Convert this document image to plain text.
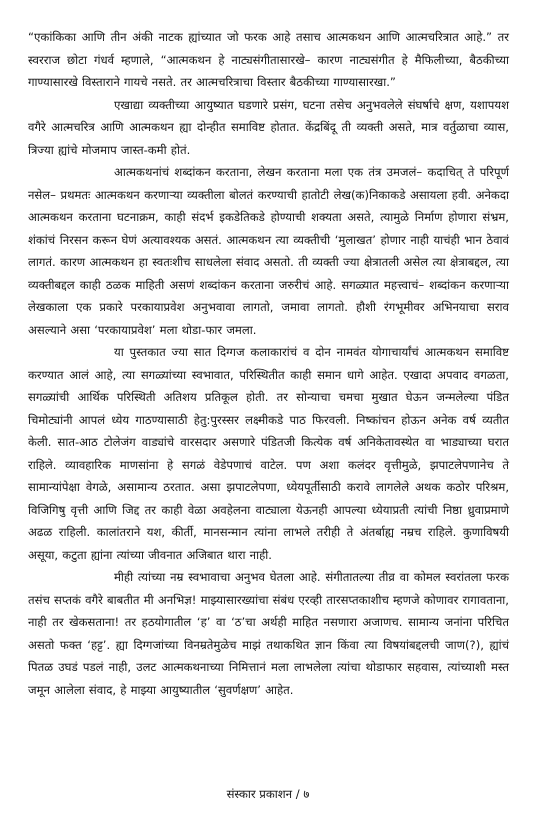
“एकांकिका आणि तीन अंकी नाटक ह्यांच्यात जो फरक आहे तसाच आत्मकथन आणि आत्मचरित्रात आहे.” तर स्वरराज छोटा गंधर्व म्हणाले, “आत्मकथन हे नाट्यसंगीतासारखे– कारण नाट्यसंगीत हे मैफिलीच्या, बैठकीच्या गाण्यासारखे विस्ताराने गायचे नसते. तर आत्मचरित्राचा विस्तार बैठकीच्या गाण्यासारखा.”

एखाद्या व्यक्तीच्या आयुष्यात घडणारे प्रसंग, घटना तसेच अनुभवलेले संघर्षाचे क्षण, यशापयश वगैरे आत्मचरित्र आणि आत्मकथन ह्या दोन्हीत समाविष्ट होतात. केंद्रबिंदू ती व्यक्ती असते, मात्र वर्तुळाचा व्यास, त्रिज्या ह्यांचे मोजमाप जास्त-कमी होतं.

आत्मकथनांचं शब्दांकन करताना, लेखन करताना मला एक तंत्र उमजलं– कदाचित् ते परिपूर्ण नसेल– प्रथमतः आत्मकथन करणाऱ्या व्यक्तीला बोलतं करण्याची हातोटी लेख(क)निकाकडे असायला हवी. अनेकदा आत्मकथन करताना घटनाक्रम, काही संदर्भ इकडेतिकडे होण्याची शक्यता असते, त्यामुळे निर्माण होणारा संभ्रम, शंकांचं निरसन करून घेणं अत्यावश्यक असतं. आत्मकथन त्या व्यक्तीची ‘मुलाखत’ होणार नाही याचंही भान ठेवावं लागतं. कारण आत्मकथन हा स्वतःशीच साधलेला संवाद असतो. ती व्यक्ती ज्या क्षेत्रातली असेल त्या क्षेत्राबद्दल, त्या व्यक्तीबद्दल काही ठळक माहिती असणं शब्दांकन करताना जरुरीचं आहे. सगळ्यात महत्त्वाचं– शब्दांकन करणाऱ्या लेखकाला एक प्रकारे परकायाप्रवेश अनुभवावा लागतो, जमावा लागतो. हौशी रंगभूमीवर अभिनयाचा सराव असल्याने असा ‘परकायाप्रवेश’ मला थोडा-फार जमला.

या पुस्तकात ज्या सात दिग्गज कलाकारांचं व दोन नामवंत योगाचार्यांचं आत्मकथन समाविष्ट करण्यात आलं आहे, त्या सगळ्यांच्या स्वभावात, परिस्थितीत काही समान धागे आहेत. एखादा अपवाद वगळता, सगळ्यांची आर्थिक परिस्थिती अतिशय प्रतिकूल होती. तर सोन्याचा चमचा मुखात घेऊन जन्मलेल्या पंडित चिमोट्यांनी आपलं ध्येय गाठण्यासाठी हेतु:पुरस्सर लक्ष्मीकडे पाठ फिरवली. निष्कांचन होऊन अनेक वर्ष व्यतीत केली. सात-आठ टोलेजंग वाड्यांचे वारसदार असणारे पंडितजी कित्येक वर्ष अनिकेतावस्थेत वा भाड्याच्या घरात राहिले. व्यावहारिक माणसांना हे सगळं वेडेपणाचं वाटेल. पण अशा कलंदर वृत्तीमुळे, झपाटलेपणानेच ते सामान्यांपेक्षा वेगळे, असामान्य ठरतात. असा झपाटलेपणा, ध्येयपूर्तीसाठी करावे लागलेले अथक कठोर परिश्रम, विजिगिषु वृत्ती आणि जिद्द तर काही वेळा अवहेलना वाट्याला येऊनही आपल्या ध्येयाप्रती त्यांची निष्ठा ध्रुवाप्रमाणे अढळ राहिली. कालांतराने यश, कीर्ती, मानसन्मान त्यांना लाभले तरीही ते अंतर्बाह्य नम्रच राहिले. कुणाविषयी असूया, कटुता ह्यांना त्यांच्या जीवनात अजिबात थारा नाही.

मीही त्यांच्या नम्र स्वभावाचा अनुभव घेतला आहे. संगीतातल्या तीव्र वा कोमल स्वरांतला फरक तसंच सप्तकं वगैरे बाबतीत मी अनभिज्ञ! माझ्यासारख्यांचा संबंध एरव्ही तारसप्तकाशीच म्हणजे कोणावर रागावताना, नाही तर खेकसताना! तर हठयोगातील ‘ह’ वा ‘ठ’चा अर्थही माहित नसणारा अजाणच. सामान्य जनांना परिचित असतो फक्त ‘हट्ट’. ह्या दिग्गजांच्या विनम्रतेमुळेच माझं तथाकथित ज्ञान किंवा त्या विषयांबद्दलची जाण(?), ह्यांचं पितळ उघडं पडलं नाही, उलट आत्मकथनाच्या निमित्तानं मला लाभलेला त्यांचा थोडाफार सहवास, त्यांच्याशी मस्त जमून आलेला संवाद, हे माझ्या आयुष्यातील ‘सुवर्णक्षण’ आहेत.

संस्कार प्रकाशन / ७
